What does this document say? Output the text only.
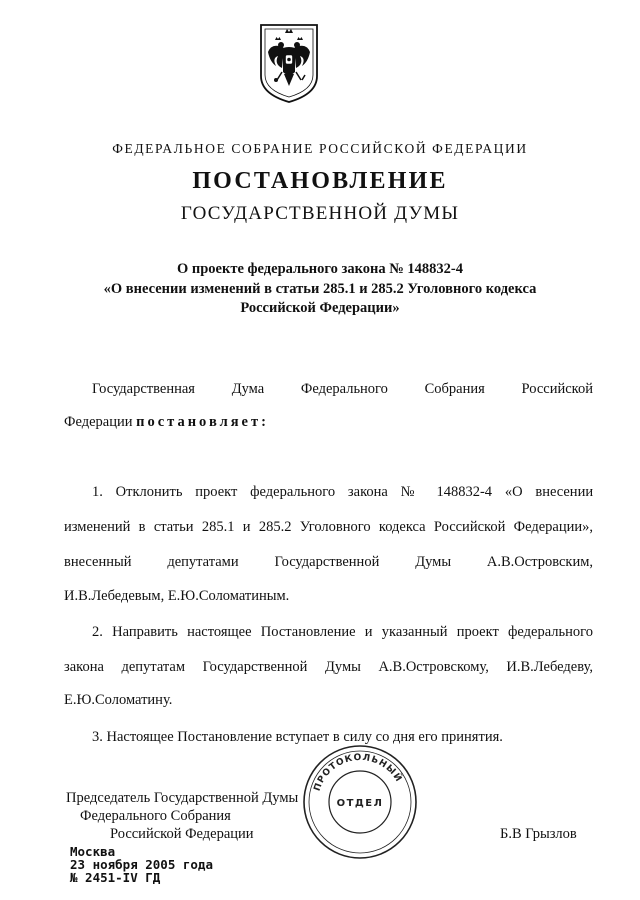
ФЕДЕРАЛЬНОЕ СОБРАНИЕ РОССИЙСКОЙ ФЕДЕРАЦИИ
ПОСТАНОВЛЕНИЕ
ГОСУДАРСТВЕННОЙ ДУМЫ
О проекте федерального закона № 148832-4
«О внесении изменений в статьи 285.1 и 285.2 Уголовного кодекса
Российской Федерации»
Государственная	Дума	Федерального	Собрания	Российской
Федерации постановляет:
1. Отклонить проект федерального закона № 148832-4 «О внесении
изменений в статьи 285.1 и 285.2 Уголовного кодекса Российской Федерации»,
внесенный депутатами Государственной Думы А.В.Островским,
И.В.Лебедевым, Е.Ю.Соломатиным.
2. Направить настоящее Постановление и указанный проект федерального
закона депутатам Государственной Думы А.В.Островскому, И.В.Лебедеву,
Е.Ю.Соломатину.
3. Настоящее Постановление вступает в силу со дня его принятия.
Председатель Государственной Думы
Федерального Собрания
Российской Федерации	Б.В Грызлов
ПРОТОКОЛЬНЫЙ
ОТДЕЛ
Москва
23 ноября 2005 года
№ 2451-IV ГД
